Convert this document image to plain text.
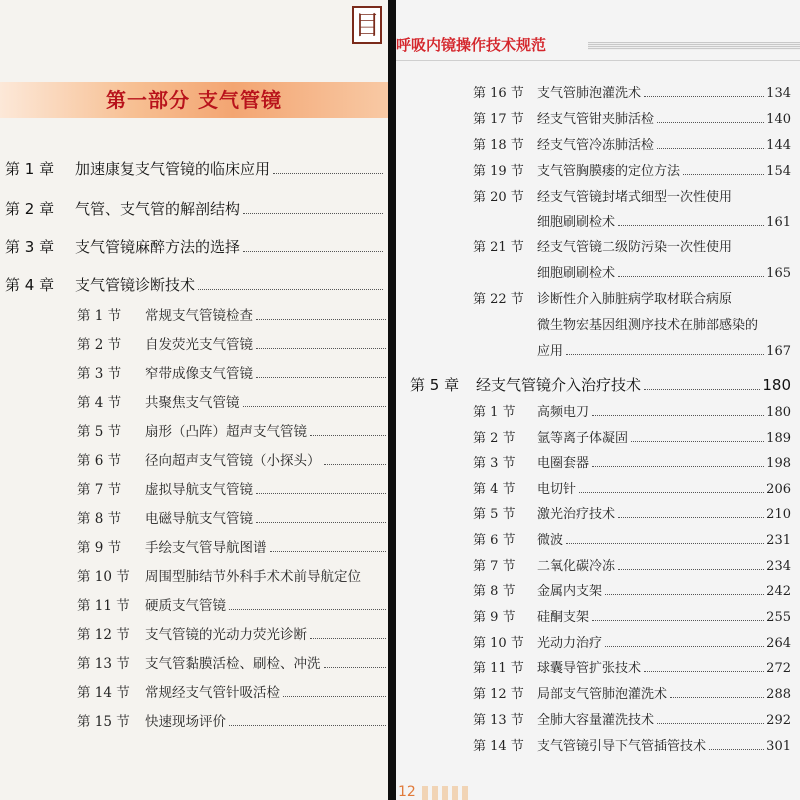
目
第一部分 支气管镜
第 1 章	加速康复支气管镜的临床应用
第 2 章	气管、支气管的解剖结构
第 3 章	支气管镜麻醉方法的选择
第 4 章	支气管镜诊断技术
第 1 节	常规支气管镜检查
第 2 节	自发荧光支气管镜
第 3 节	窄带成像支气管镜
第 4 节	共聚焦支气管镜
第 5 节	扇形（凸阵）超声支气管镜
第 6 节	径向超声支气管镜（小探头）
第 7 节	虚拟导航支气管镜
第 8 节	电磁导航支气管镜
第 9 节	手绘支气管导航图谱
第 10 节	周围型肺结节外科手术术前导航定位
第 11 节	硬质支气管镜
第 12 节	支气管镜的光动力荧光诊断
第 13 节	支气管黏膜活检、刷检、冲洗
第 14 节	常规经支气管针吸活检
第 15 节	快速现场评价
呼吸内镜操作技术规范
第 16 节	支气管肺泡灌洗术	134
第 17 节	经支气管钳夹肺活检	140
第 18 节	经支气管冷冻肺活检	144
第 19 节	支气管胸膜瘘的定位方法	154
第 20 节	经支气管镜封堵式细型一次性使用
细胞刷刷检术	161
第 21 节	经支气管镜二级防污染一次性使用
细胞刷刷检术	165
第 22 节	诊断性介入肺脏病学取材联合病原
微生物宏基因组测序技术在肺部感染的
应用	167
第 5 章	经支气管镜介入治疗技术	180
第 1 节	高频电刀	180
第 2 节	氩等离子体凝固	189
第 3 节	电圈套器	198
第 4 节	电切针	206
第 5 节	激光治疗技术	210
第 6 节	微波	231
第 7 节	二氧化碳冷冻	234
第 8 节	金属内支架	242
第 9 节	硅酮支架	255
第 10 节	光动力治疗	264
第 11 节	球囊导管扩张技术	272
第 12 节	局部支气管肺泡灌洗术	288
第 13 节	全肺大容量灌洗技术	292
第 14 节	支气管镜引导下气管插管技术	301
12
